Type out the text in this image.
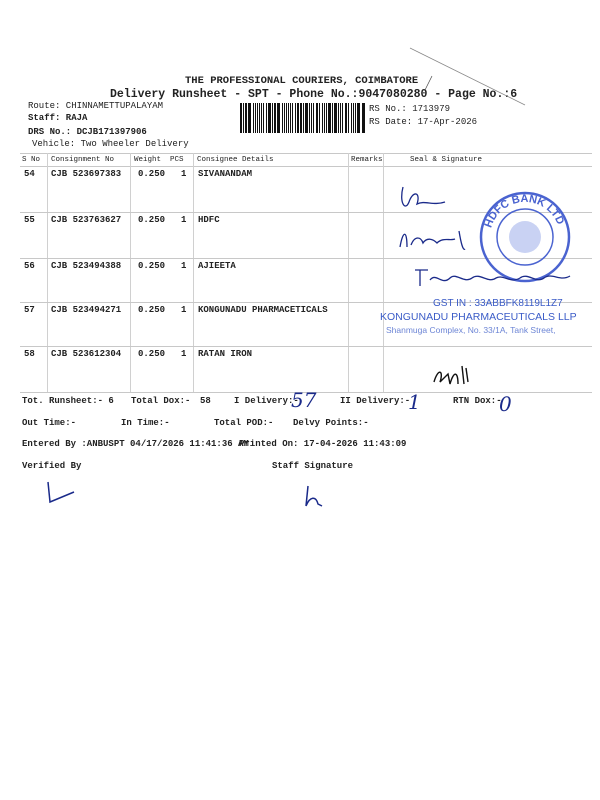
THE PROFESSIONAL COURIERS, COIMBATORE
Delivery Runsheet - SPT - Phone No.:9047080280 - Page No.:6
Route: CHINNAMETTUPALAYAM
Staff: RAJA
DRS No.: DCJB171397906
Vehicle: Two Wheeler Delivery
RS No.: 1713979
RS Date: 17-Apr-2026
S No Consignment No	Weight PCS Consignee Details	Remarks	Seal & Signature
54 CJB 523697383 0.250 1 SIVANANDAM
55 CJB 523763627 0.250 1 HDFC
56 CJB 523494388 0.250 1 AJIEETA
57 CJB 523494271 0.250 1 KONGUNADU PHARMACETICALS
58 CJB 523612304 0.250 1 RATAN IRON
HDFC BANK LTD
GST IN : 33ABBFK8119L1Z7
KONGUNADU PHARMACEUTICALS LLP
Shanmuga Complex, No. 33/1A, Tank Street,
Tot. Runsheet:- 6 Total Dox:- 58	I Delivery:-
57	II Delivery:-
1	RTN Dox:-
0
Out Time:-	In Time:-	Total POD:- Delvy Points:-
Entered By :ANBUSPT 04/17/2026 11:41:36 AM
Printed On: 17-04-2026 11:43:09
Verified By	Staff Signature
